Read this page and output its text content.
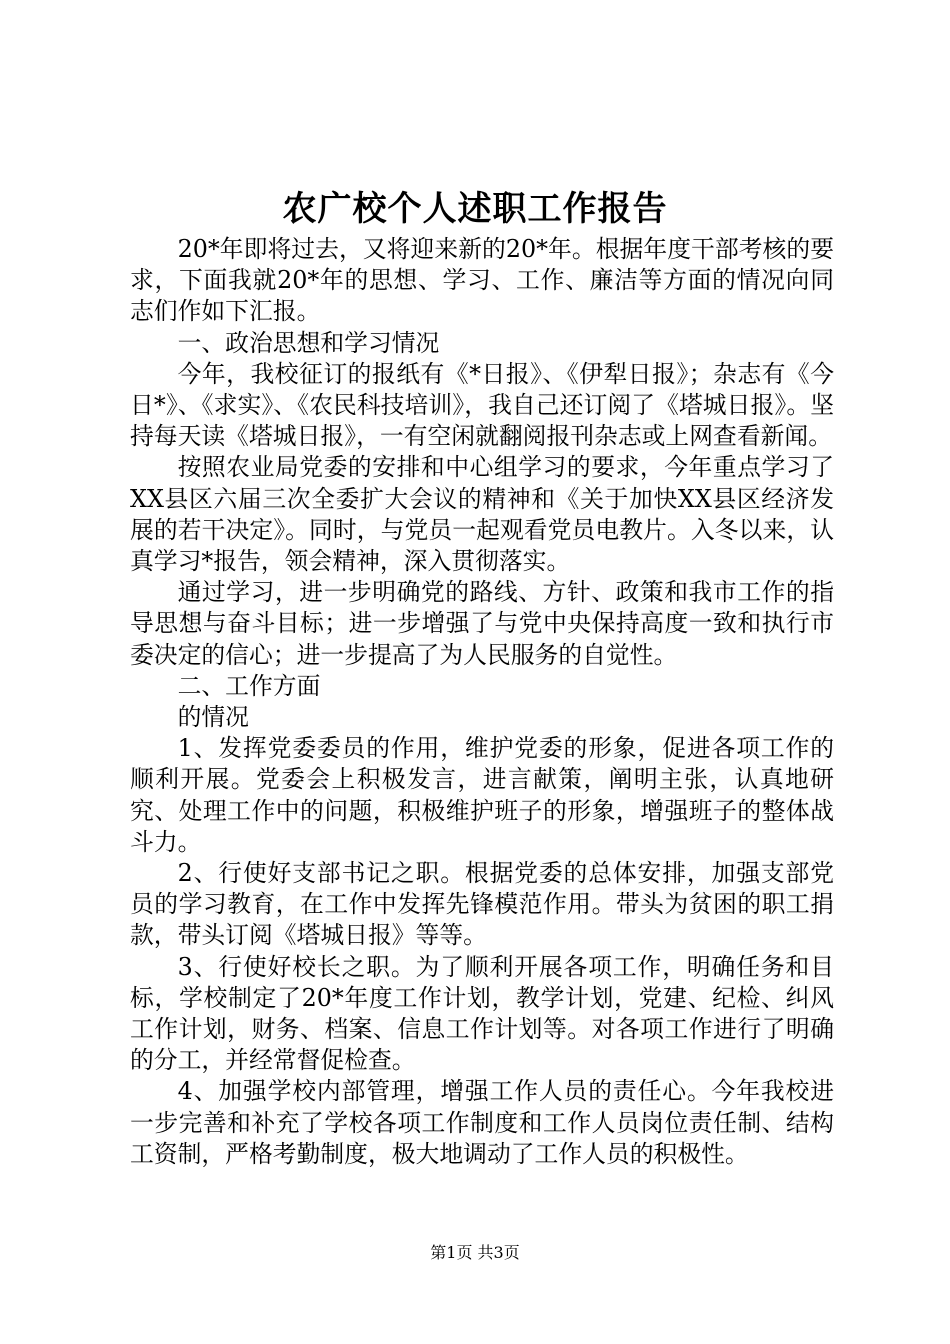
农广校个人述职工作报告

20*年即将过去，又将迎来新的20*年。根据年度干部考核的要求，下面我就20*年的思想、学习、工作、廉洁等方面的情况向同志们作如下汇报。

一、政治思想和学习情况

今年，我校征订的报纸有《*日报》、《伊犁日报》；杂志有《今日*》、《求实》、《农民科技培训》，我自己还订阅了《塔城日报》。坚持每天读《塔城日报》，一有空闲就翻阅报刊杂志或上网查看新闻。

按照农业局党委的安排和中心组学习的要求，今年重点学习了XX县区六届三次全委扩大会议的精神和《关于加快XX县区经济发展的若干决定》。同时，与党员一起观看党员电教片。入冬以来，认真学习*报告，领会精神，深入贯彻落实。

通过学习，进一步明确党的路线、方针、政策和我市工作的指导思想与奋斗目标；进一步增强了与党中央保持高度一致和执行市委决定的信心；进一步提高了为人民服务的自觉性。

二、工作方面

的情况

1、发挥党委委员的作用，维护党委的形象，促进各项工作的顺利开展。党委会上积极发言，进言献策，阐明主张，认真地研究、处理工作中的问题，积极维护班子的形象，增强班子的整体战斗力。

2、行使好支部书记之职。根据党委的总体安排，加强支部党员的学习教育，在工作中发挥先锋模范作用。带头为贫困的职工捐款，带头订阅《塔城日报》等等。

3、行使好校长之职。为了顺利开展各项工作，明确任务和目标，学校制定了20*年度工作计划，教学计划，党建、纪检、纠风工作计划，财务、档案、信息工作计划等。对各项工作进行了明确的分工，并经常督促检查。

4、加强学校内部管理，增强工作人员的责任心。今年我校进一步完善和补充了学校各项工作制度和工作人员岗位责任制、结构工资制，严格考勤制度，极大地调动了工作人员的积极性。

第1页 共3页
